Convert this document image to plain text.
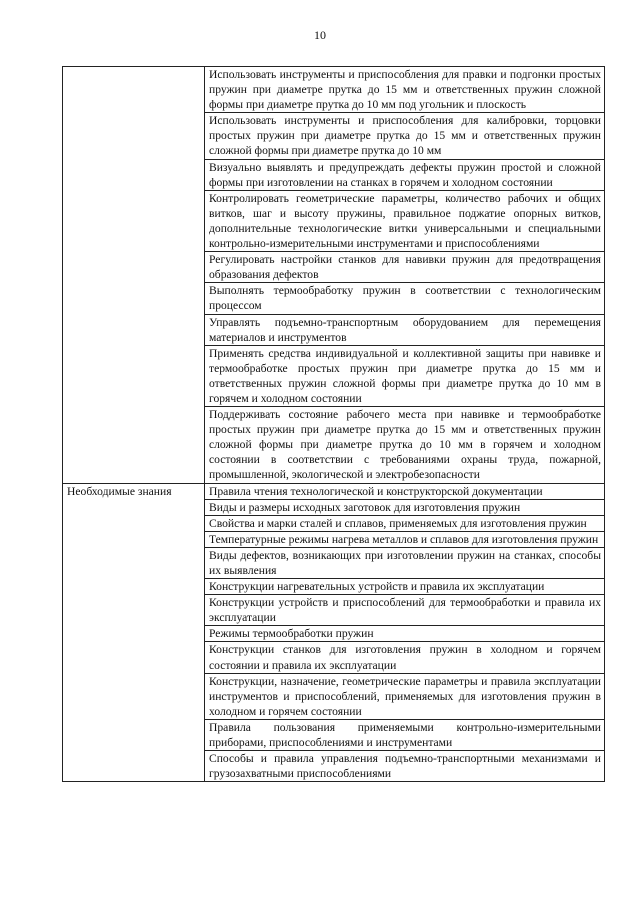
10
	Использовать инструменты и приспособления для правки и подгонки простых пружин при диаметре прутка до 15 мм и ответственных пружин сложной формы при диаметре прутка до 10 мм под угольник и плоскость
	Использовать инструменты и приспособления для калибровки, торцовки простых пружин при диаметре прутка до 15 мм и ответственных пружин сложной формы при диаметре прутка до 10 мм
	Визуально выявлять и предупреждать дефекты пружин простой и сложной формы при изготовлении на станках в горячем и холодном состоянии
	Контролировать геометрические параметры, количество рабочих и общих витков, шаг и высоту пружины, правильное поджатие опорных витков, дополнительные технологические витки универсальными и специальными контрольно-измерительными инструментами и приспособлениями
	Регулировать настройки станков для навивки пружин для предотвращения образования дефектов
	Выполнять термообработку пружин в соответствии с технологическим процессом
	Управлять подъемно-транспортным оборудованием для перемещения материалов и инструментов
	Применять средства индивидуальной и коллективной защиты при навивке и термообработке простых пружин при диаметре прутка до 15 мм и ответственных пружин сложной формы при диаметре прутка до 10 мм в горячем и холодном состоянии
	Поддерживать состояние рабочего места при навивке и термообработке простых пружин при диаметре прутка до 15 мм и ответственных пружин сложной формы при диаметре прутка до 10 мм в горячем и холодном состоянии в соответствии с требованиями охраны труда, пожарной, промышленной, экологической и электробезопасности
Необходимые знания	Правила чтения технологической и конструкторской документации
	Виды и размеры исходных заготовок для изготовления пружин
	Свойства и марки сталей и сплавов, применяемых для изготовления пружин
	Температурные режимы нагрева металлов и сплавов для изготовления пружин
	Виды дефектов, возникающих при изготовлении пружин на станках, способы их выявления
	Конструкции нагревательных устройств и правила их эксплуатации
	Конструкции устройств и приспособлений для термообработки и правила их эксплуатации
	Режимы термообработки пружин
	Конструкции станков для изготовления пружин в холодном и горячем состоянии и правила их эксплуатации
	Конструкции, назначение, геометрические параметры и правила эксплуатации инструментов и приспособлений, применяемых для изготовления пружин в холодном и горячем состоянии
	Правила пользования применяемыми контрольно-измерительными приборами, приспособлениями и инструментами
	Способы и правила управления подъемно-транспортными механизмами и грузозахватными приспособлениями
